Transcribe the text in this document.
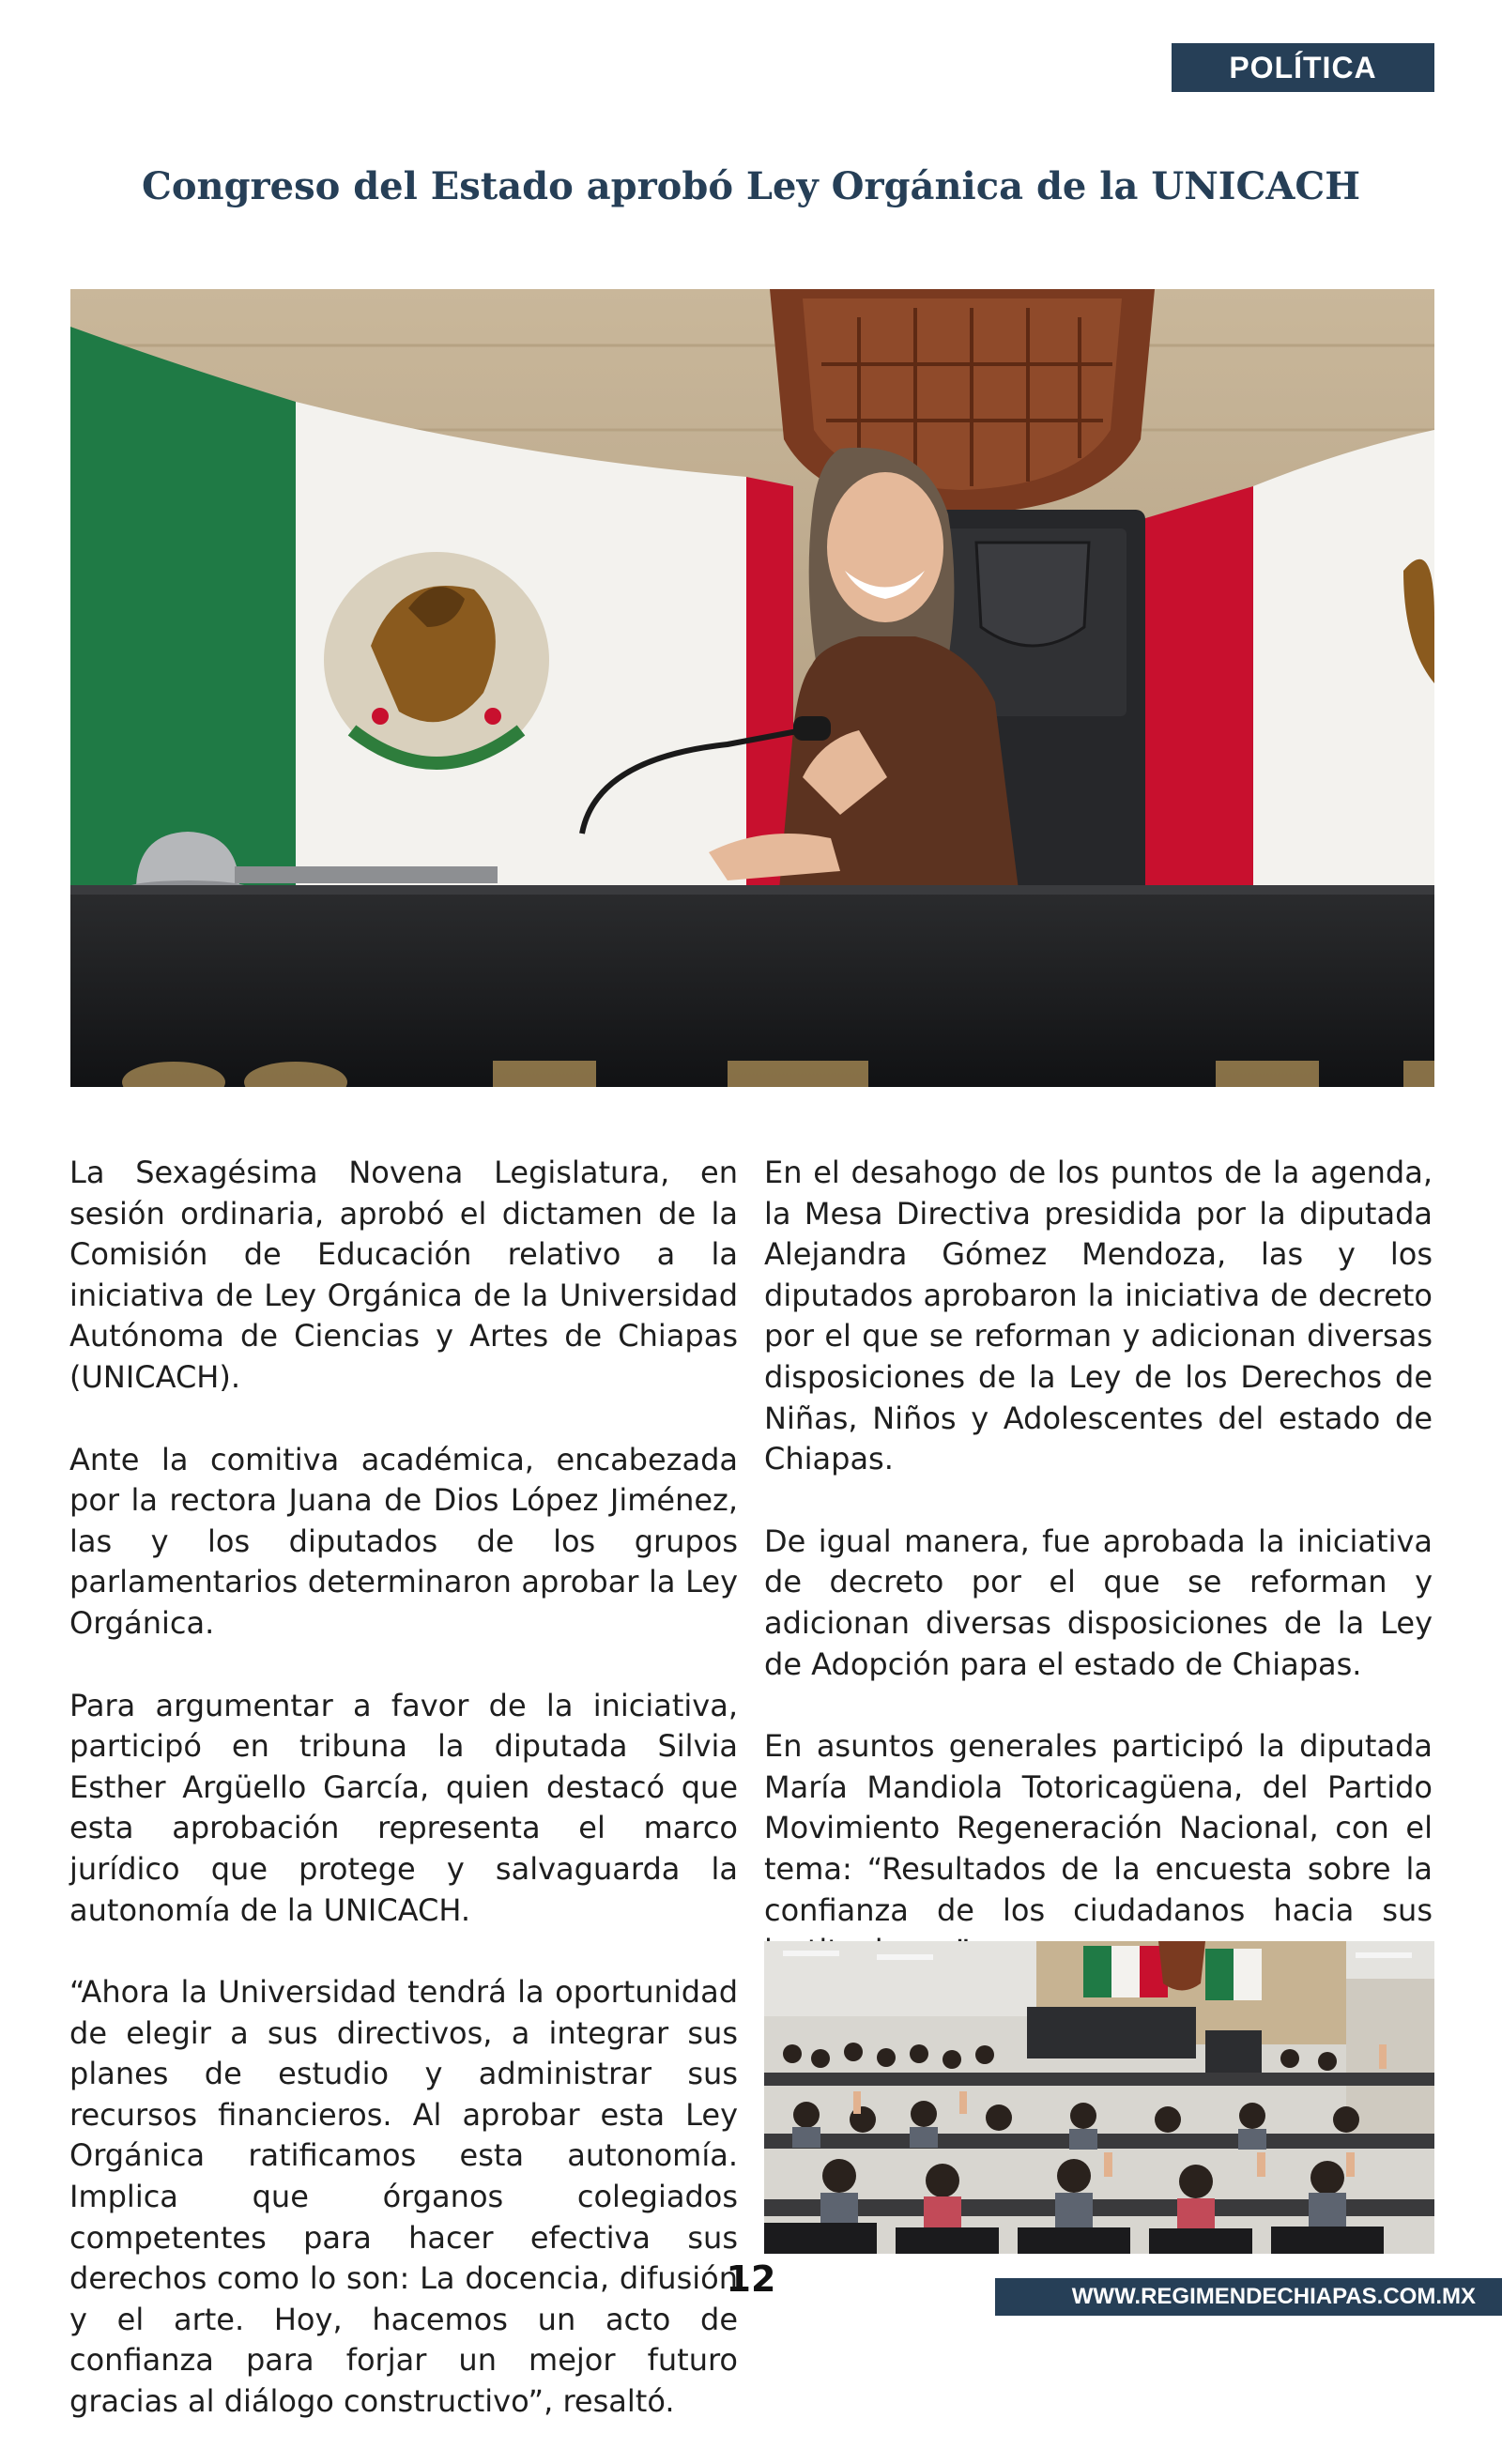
POLÍTICA
Congreso del Estado aprobó Ley Orgánica de la UNICACH

La Sexagésima Novena Legislatura, en sesión ordinaria, aprobó el dictamen de la Comisión de Educación relativo a la iniciativa de Ley Orgánica de la Universidad Autónoma de Ciencias y Artes de Chiapas (UNICACH).

Ante la comitiva académica, encabezada por la rectora Juana de Dios López Jiménez, las y los diputados de los grupos parlamentarios determinaron aprobar la Ley Orgánica.

Para argumentar a favor de la iniciativa, participó en tribuna la diputada Silvia Esther Argüello García, quien destacó que esta aprobación representa el marco jurídico que protege y salvaguarda la autonomía de la UNICACH.

“Ahora la Universidad tendrá la oportunidad de elegir a sus directivos, a integrar sus planes de estudio y administrar sus recursos financieros. Al aprobar esta Ley Orgánica ratificamos esta autonomía. Implica que órganos colegiados competentes para hacer efectiva sus derechos como lo son: La docencia, difusión y el arte. Hoy, hacemos un acto de confianza para forjar un mejor futuro gracias al diálogo constructivo”, resaltó.

En el desahogo de los puntos de la agenda, la Mesa Directiva presidida por la diputada Alejandra Gómez Mendoza, las y los diputados aprobaron la iniciativa de decreto por el que se reforman y adicionan diversas disposiciones de la Ley de los Derechos de Niñas, Niños y Adolescentes del estado de Chiapas.

De igual manera, fue aprobada la iniciativa de decreto por el que se reforman y adicionan diversas disposiciones de la Ley de Adopción para el estado de Chiapas.

En asuntos generales participó la diputada María Mandiola Totoricagüena, del Partido Movimiento Regeneración Nacional, con el tema: “Resultados de la encuesta sobre la confianza de los ciudadanos hacia sus

12	WWW.REGIMENDECHIAPAS.COM.MX
